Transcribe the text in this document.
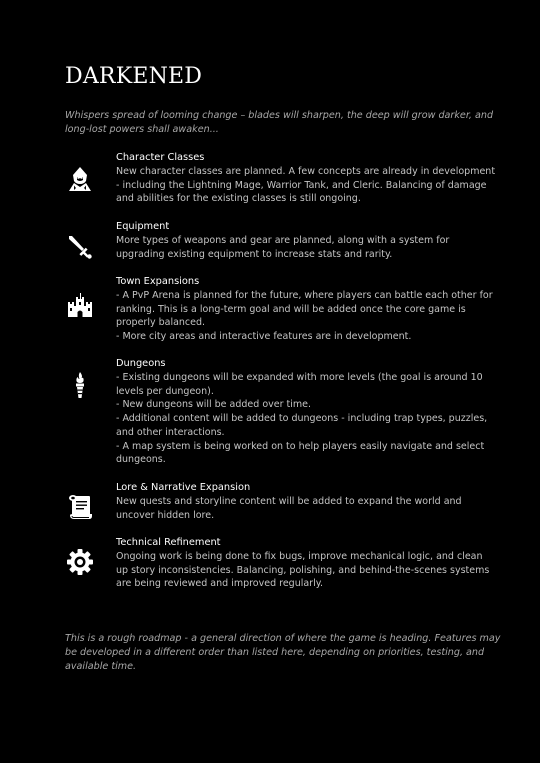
DARKENED
Whispers spread of looming change – blades will sharpen, the deep will grow darker, and
long-lost powers shall awaken...
Character Classes
New character classes are planned. A few concepts are already in development
- including the Lightning Mage, Warrior Tank, and Cleric. Balancing of damage
and abilities for the existing classes is still ongoing.
Equipment
More types of weapons and gear are planned, along with a system for
upgrading existing equipment to increase stats and rarity.
Town Expansions
- A PvP Arena is planned for the future, where players can battle each other for
ranking. This is a long-term goal and will be added once the core game is
properly balanced.
- More city areas and interactive features are in development.
Dungeons
- Existing dungeons will be expanded with more levels (the goal is around 10
levels per dungeon).
- New dungeons will be added over time.
- Additional content will be added to dungeons - including trap types, puzzles,
and other interactions.
- A map system is being worked on to help players easily navigate and select
dungeons.
Lore & Narrative Expansion
New quests and storyline content will be added to expand the world and
uncover hidden lore.
Technical Refinement
Ongoing work is being done to fix bugs, improve mechanical logic, and clean
up story inconsistencies. Balancing, polishing, and behind-the-scenes systems
are being reviewed and improved regularly.
This is a rough roadmap - a general direction of where the game is heading. Features may
be developed in a different order than listed here, depending on priorities, testing, and
available time.
